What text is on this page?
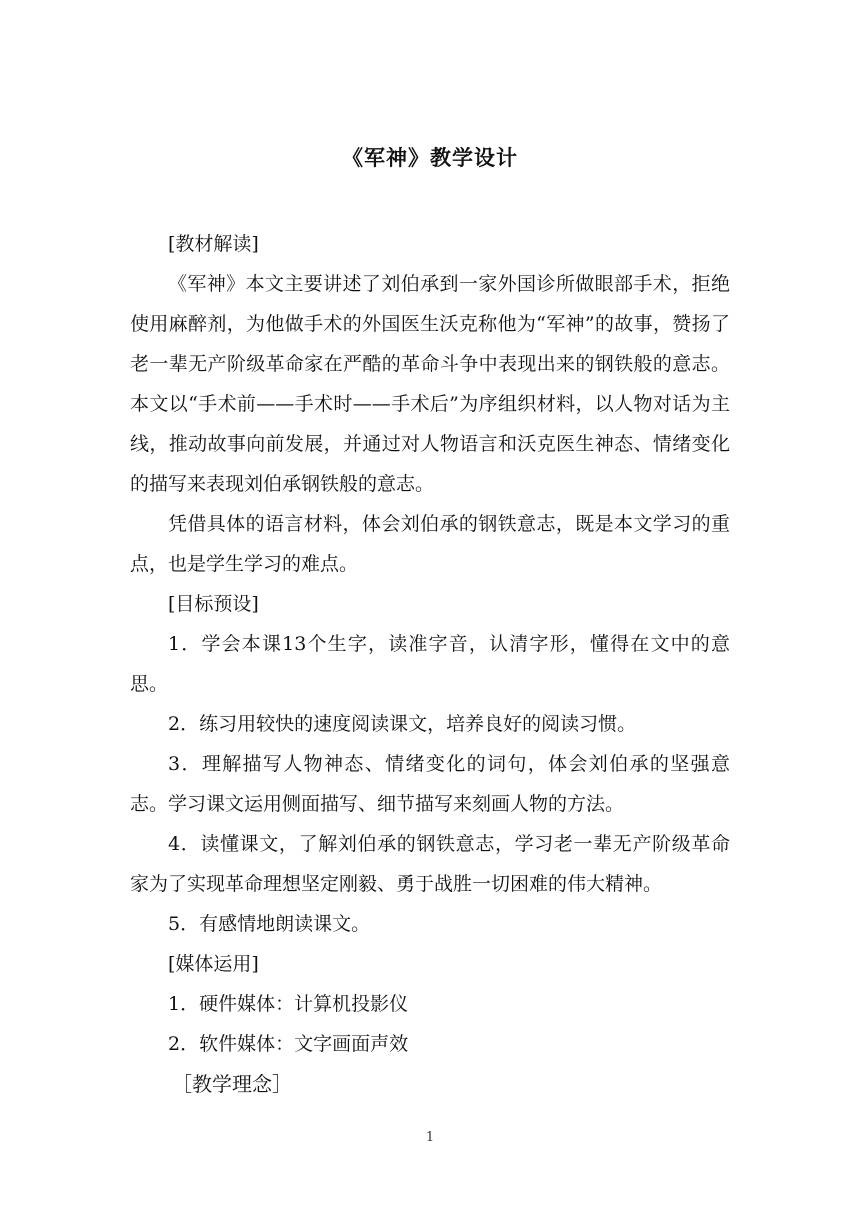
《军神》教学设计

[教材解读]

《军神》本文主要讲述了刘伯承到一家外国诊所做眼部手术，拒绝使用麻醉剂，为他做手术的外国医生沃克称他为“军神”的故事，赞扬了老一辈无产阶级革命家在严酷的革命斗争中表现出来的钢铁般的意志。本文以“手术前——手术时——手术后”为序组织材料，以人物对话为主线，推动故事向前发展，并通过对人物语言和沃克医生神态、情绪变化的描写来表现刘伯承钢铁般的意志。

凭借具体的语言材料，体会刘伯承的钢铁意志，既是本文学习的重点，也是学生学习的难点。

[目标预设]

1．学会本课13个生字，读准字音，认清字形，懂得在文中的意思。

2．练习用较快的速度阅读课文，培养良好的阅读习惯。

3．理解描写人物神态、情绪变化的词句，体会刘伯承的坚强意志。学习课文运用侧面描写、细节描写来刻画人物的方法。

4．读懂课文，了解刘伯承的钢铁意志，学习老一辈无产阶级革命家为了实现革命理想坚定刚毅、勇于战胜一切困难的伟大精神。

5．有感情地朗读课文。

[媒体运用]

1．硬件媒体：计算机投影仪

2．软件媒体：文字画面声效

［教学理念］

1
